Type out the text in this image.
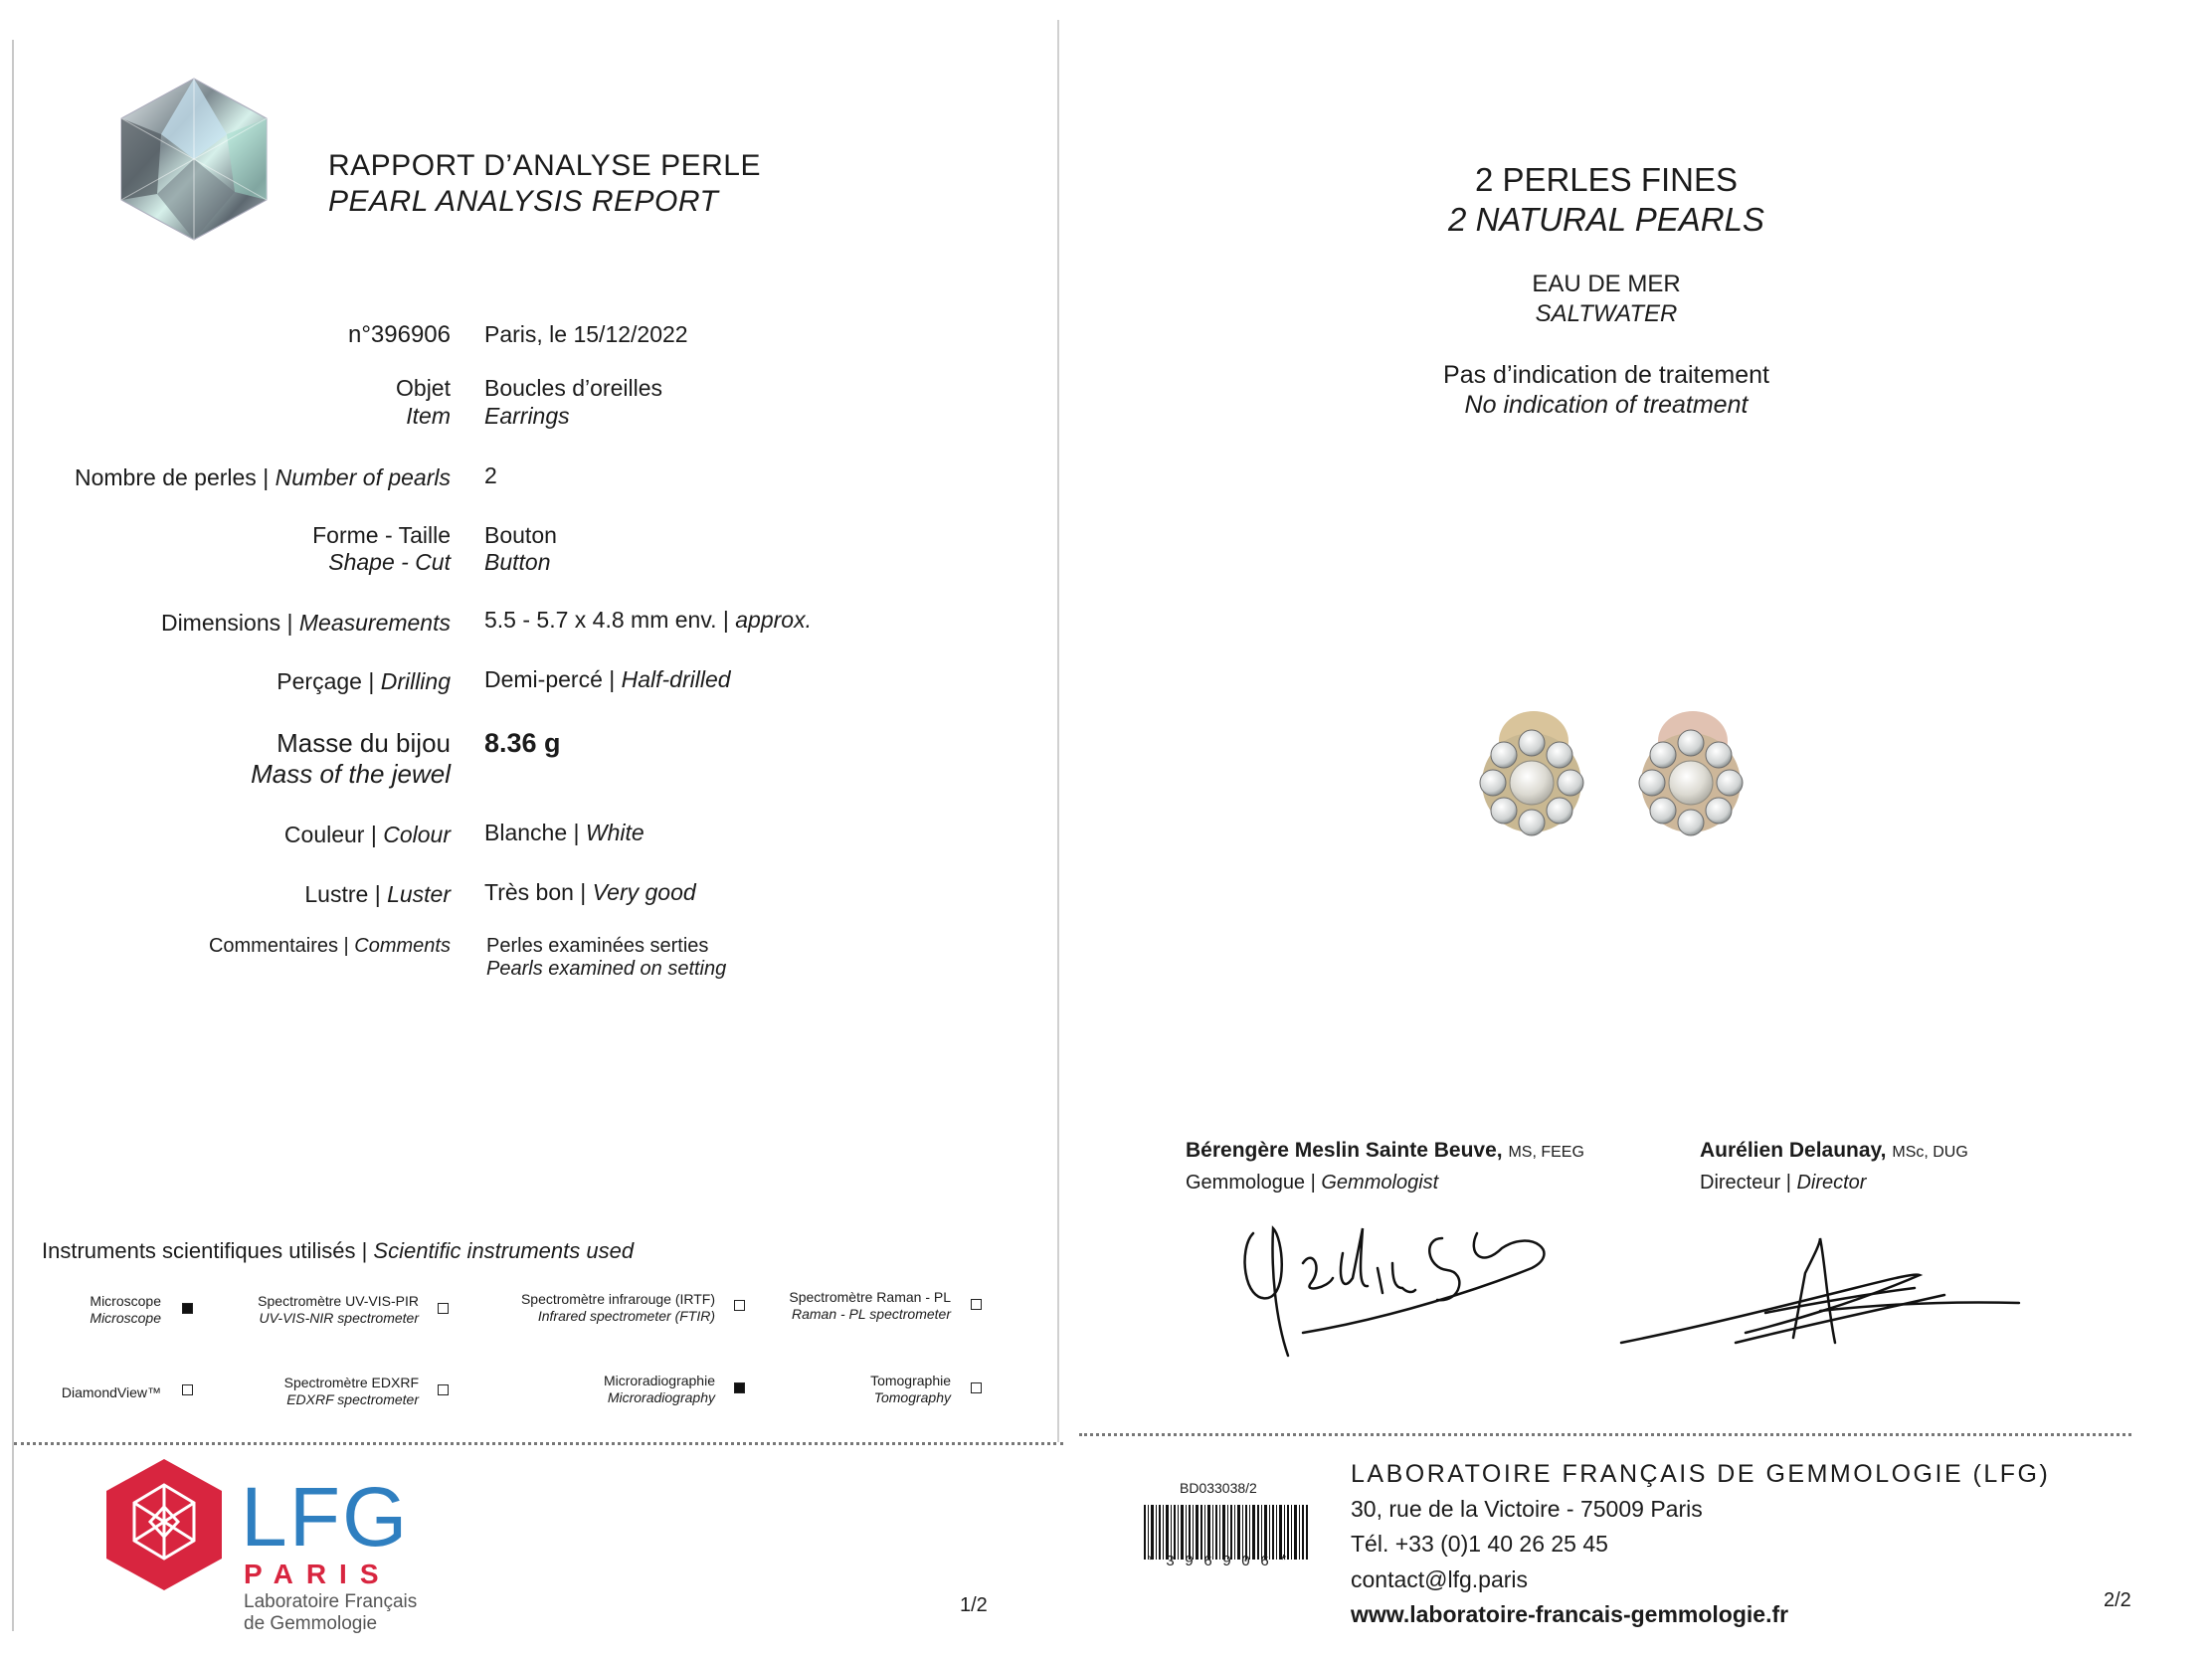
RAPPORT D’ANALYSE PERLE
PEARL ANALYSIS REPORT
n°396906 Paris, le 15/12/2022
Objet
Item
Boucles d’oreilles
Earrings
Nombre de perles | Number of pearls 2
Forme - Taille
Shape - Cut
Bouton
Button
Dimensions | Measurements 5.5 - 5.7 x 4.8 mm env. | approx.
Perçage | Drilling Demi-percé | Half-drilled
Masse du bijou
Mass of the jewel
8.36 g
Couleur | Colour Blanche | White
Lustre | Luster Très bon | Very good
Commentaires | Comments Perles examinées serties
Pearls examined on setting
Instruments scientifiques utilisés | Scientific instruments used
Microscope
Microscope
Spectromètre UV-VIS-PIR
UV-VIS-NIR spectrometer
Spectromètre infrarouge (IRTF)
Infrared spectrometer (FTIR)
Spectromètre Raman - PL
Raman - PL spectrometer
DiamondView™
Spectromètre EDXRF
EDXRF spectrometer
Microradiographie
Microradiography
Tomographie
Tomography
LFG
PARIS
Laboratoire Français
de Gemmologie
1/2
2 PERLES FINES
2 NATURAL PEARLS
EAU DE MER
SALTWATER
Pas d’indication de traitement
No indication of treatment
Bérengère Meslin Sainte Beuve, MS, FEEG
Gemmologue | Gemmologist
Aurélien Delaunay, MSc, DUG
Directeur | Director
BD033038/2
*396906*
LABORATOIRE FRANÇAIS DE GEMMOLOGIE (LFG)
30, rue de la Victoire - 75009 Paris
Tél. +33 (0)1 40 26 25 45
contact@lfg.paris
www.laboratoire-francais-gemmologie.fr
2/2
